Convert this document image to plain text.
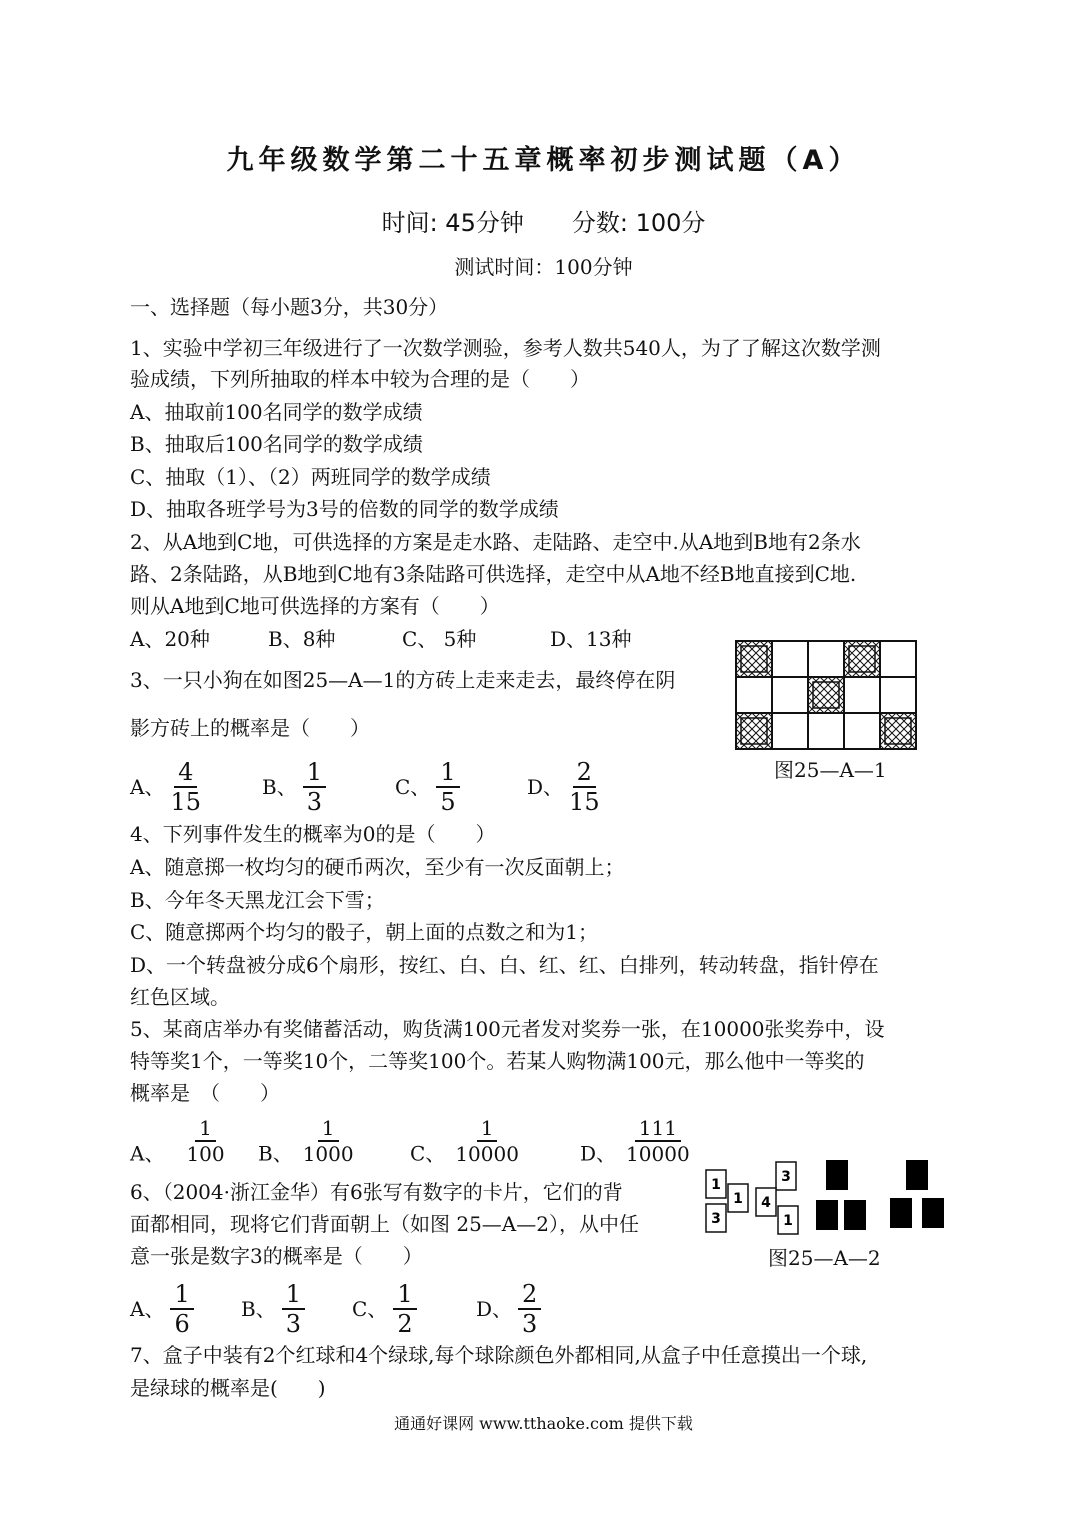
九年级数学第二十五章概率初步测试题（A）
时间: 45分钟 分数: 100分
测试时间：100分钟
一、选择题（每小题3分，共30分）
1、实验中学初三年级进行了一次数学测验，参考人数共540人，为了了解这次数学测
验成绩，下列所抽取的样本中较为合理的是（　　）
A、抽取前100名同学的数学成绩
B、抽取后100名同学的数学成绩
C、抽取（1）、（2）两班同学的数学成绩
D、抽取各班学号为3号的倍数的同学的数学成绩
2、从A地到C地，可供选择的方案是走水路、走陆路、走空中.从A地到B地有2条水
路、2条陆路，从B地到C地有3条陆路可供选择，走空中从A地不经B地直接到C地.
则从A地到C地可供选择的方案有（　　）
A、20种	B、8种	C、 5种	D、13种
3、一只小狗在如图25—A—1的方砖上走来走去，最终停在阴
影方砖上的概率是（　　）
A、 $\frac{4}{15}$	B、 $\frac{1}{3}$	C、 $\frac{1}{5}$	D、 $\frac{2}{15}$	图25—A—1
4、下列事件发生的概率为0的是（　　）
A、随意掷一枚均匀的硬币两次，至少有一次反面朝上；
B、今年冬天黑龙江会下雪；
C、随意掷两个均匀的骰子，朝上面的点数之和为1；
D、一个转盘被分成6个扇形，按红、白、白、红、红、白排列，转动转盘，指针停在
红色区域。
5、某商店举办有奖储蓄活动，购货满100元者发对奖券一张，在10000张奖券中，设
特等奖1个，一等奖10个，二等奖100个。若某人购物满100元，那么他中一等奖的
概率是　（　　）
A、 $\frac{1}{100}$ B、 $\frac{1}{1000}$	C、 $\frac{1}{10000}$	D、 $\frac{111}{10000}$
6、（2004·浙江金华）有6张写有数字的卡片，它们的背
面都相同，现将它们背面朝上（如图 25—A—2），从中任
意一张是数字3的概率是（　　）
A、 $\frac{1}{6}$ B、 $\frac{1}{3}$ C、 $\frac{1}{2}$	D、 $\frac{2}{3}$
1
1
3
3
4
1
图25—A—2
7、盒子中装有2个红球和4个绿球,每个球除颜色外都相同,从盒子中任意摸出一个球,
是绿球的概率是(　　)
通通好课网 www.tthaoke.com 提供下载
